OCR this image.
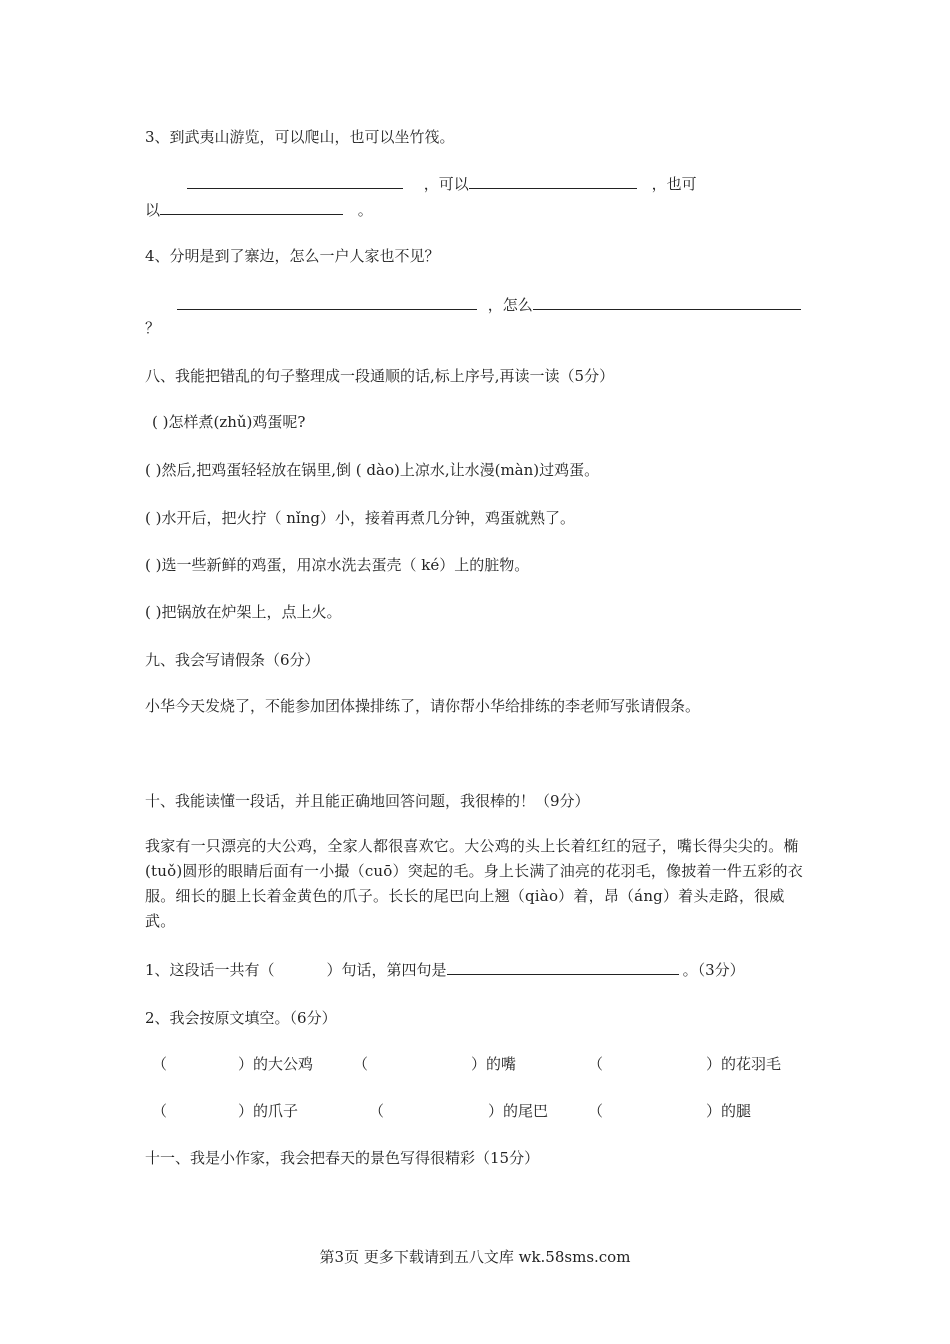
3、到武夷山游览，可以爬山，也可以坐竹筏。
，可以	，也可
以	。
4、分明是到了寨边，怎么一户人家也不见？
，怎么
？
八、我能把错乱的句子整理成一段通顺的话,标上序号,再读一读（5分）
( )怎样煮(zhǔ)鸡蛋呢?
( )然后,把鸡蛋轻轻放在锅里,倒 ( dào)上凉水,让水漫(màn)过鸡蛋。
( )水开后，把火拧（ nǐng）小，接着再煮几分钟，鸡蛋就熟了。
( )选一些新鲜的鸡蛋，用凉水洗去蛋壳（ ké）上的脏物。
( )把锅放在炉架上，点上火。
九、我会写请假条（6分）
小华今天发烧了，不能参加团体操排练了，请你帮小华给排练的李老师写张请假条。
十、我能读懂一段话，并且能正确地回答问题，我很棒的！（9分）
我家有一只漂亮的大公鸡，全家人都很喜欢它。大公鸡的头上长着红红的冠子，嘴长得尖尖的。椭(tuǒ)圆形的眼睛后面有一小撮（cuō）突起的毛。身上长满了油亮的花羽毛，像披着一件五彩的衣服。细长的腿上长着金黄色的爪子。长长的尾巴向上翘（qiào）着，昂（áng）着头走路，很威武。
1、这段话一共有（	）句话，第四句是	。（3分）
2、我会按原文填空。（6分）
（	）的大公鸡	（	）的嘴	（	）的花羽毛
（	）的爪子	（	）的尾巴	（	）的腿
十一、我是小作家，我会把春天的景色写得很精彩（15分）
第3页 更多下载请到五八文库 wk.58sms.com
